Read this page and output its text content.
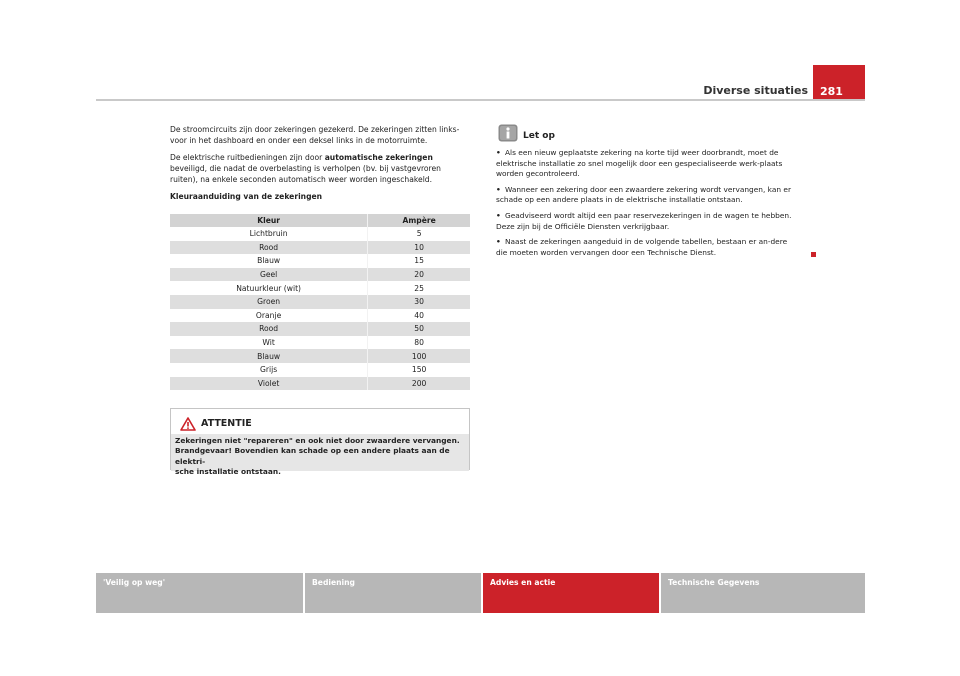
Diverse situaties	281

De stroomcircuits zijn door zekeringen gezekerd. De zekeringen zitten links-voor in het dashboard en onder een deksel links in de motorruimte.

De elektrische ruitbedieningen zijn door automatische zekeringen beveiligd, die nadat de overbelasting is verholpen (bv. bij vastgevroren ruiten), na enkele seconden automatisch weer worden ingeschakeld.

Kleuraanduiding van de zekeringen

Kleur	Ampère
Lichtbruin	5
Rood	10
Blauw	15
Geel	20
Natuurkleur (wit)	25
Groen	30
Oranje	40
Rood	50
Wit	80
Blauw	100
Grijs	150
Violet	200
ATTENTIE
Zekeringen niet "repareren" en ook niet door zwaardere vervangen.
Brandgevaar! Bovendien kan schade op een andere plaats aan de elektri-
sche installatie ontstaan.
Let op
• Als een nieuw geplaatste zekering na korte tijd weer doorbrandt, moet de elektrische installatie zo snel mogelijk door een gespecialiseerde werk-plaats worden gecontroleerd.
• Wanneer een zekering door een zwaardere zekering wordt vervangen, kan er schade op een andere plaats in de elektrische installatie ontstaan.
• Geadviseerd wordt altijd een paar reservezekeringen in de wagen te hebben. Deze zijn bij de Officiële Diensten verkrijgbaar.
• Naast de zekeringen aangeduid in de volgende tabellen, bestaan er an-dere die moeten worden vervangen door een Technische Dienst.
'Veilig op weg'	Bediening	Advies en actie	Technische Gegevens
